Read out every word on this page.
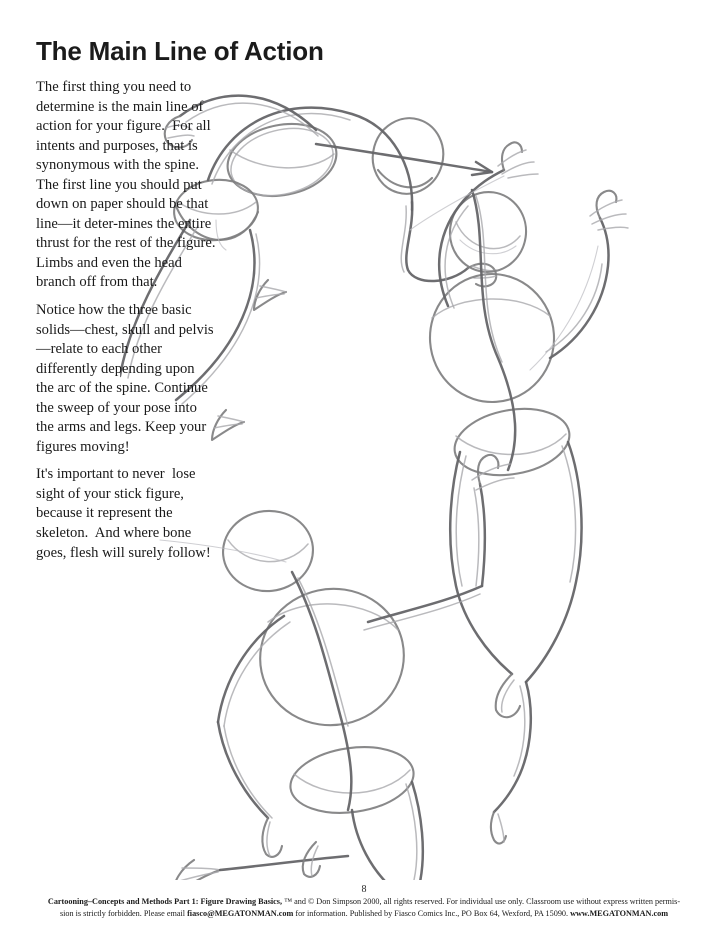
The Main Line of Action

The first thing you need to determine is the main line of action for your figure.  For all intents and purposes, that is synonymous with the spine.  The first line you should put down on paper should be that line—it deter-mines the entire thrust for the rest of the figure.  Limbs and even the head branch off from that.

Notice how the three basic solids—chest, skull and pelvis—relate to each other differently depending upon the arc of the spine. Continue the sweep of your pose into the arms and legs. Keep your figures moving!

It's important to never  lose sight of your stick figure, because it represent the skeleton.  And where bone goes, flesh will surely follow!

8
Cartooning–Concepts and Methods Part 1: Figure Drawing Basics, ™ and © Don Simpson 2000, all rights reserved. For individual use only. Classroom use without express written permis-
sion is strictly forbidden. Please email fiasco@MEGATONMAN.com for information. Published by Fiasco Comics Inc., PO Box 64, Wexford, PA 15090. www.MEGATONMAN.com
